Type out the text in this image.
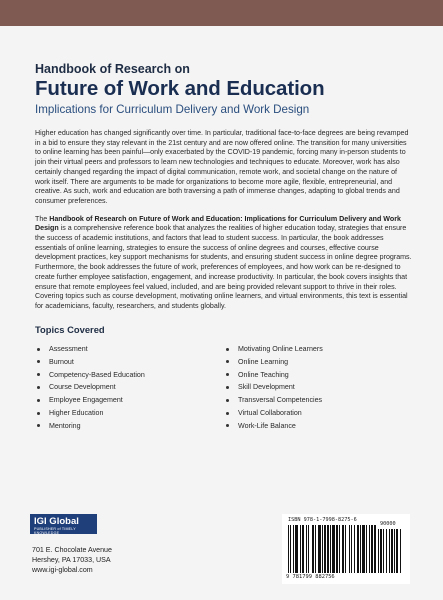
Handbook of Research on
Future of Work and Education
Implications for Curriculum Delivery and Work Design

Higher education has changed significantly over time. In particular, traditional face-to-face degrees are being revamped in a bid to ensure they stay relevant in the 21st century and are now offered online. The transition for many universities to online learning has been painful—only exacerbated by the COVID-19 pandemic, forcing many in-person students to join their virtual peers and professors to learn new technologies and techniques to educate. Moreover, work has also certainly changed regarding the impact of digital communication, remote work, and societal change on the nature of work itself. There are arguments to be made for organizations to become more agile, flexible, entrepreneurial, and creative. As such, work and education are both traversing a path of immense changes, adapting to global trends and consumer preferences.

The Handbook of Research on Future of Work and Education: Implications for Curriculum Delivery and Work Design is a comprehensive reference book that analyzes the realities of higher education today, strategies that ensure the success of academic institutions, and factors that lead to student success. In particular, the book addresses essentials of online learning, strategies to ensure the success of online degrees and courses, effective course development practices, key support mechanisms for students, and ensuring student success in online degree programs. Furthermore, the book addresses the future of work, preferences of employees, and how work can be re-designed to create further employee satisfaction, engagement, and increase productivity. In particular, the book covers insights that ensure that remote employees feel valued, included, and are being provided relevant support to thrive in their roles. Covering topics such as course development, motivating online learners, and virtual environments, this text is essential for academicians, faculty, researchers, and students globally.

Topics Covered
Assessment
Burnout
Competency-Based Education
Course Development
Employee Engagement
Higher Education
Mentoring
Motivating Online Learners
Online Learning
Online Teaching
Skill Development
Transversal Competencies
Virtual Collaboration
Work-Life Balance
IGI Global
PUBLISHER of TIMELY KNOWLEDGE
701 E. Chocolate Avenue
Hershey, PA 17033, USA
www.igi-global.com
ISBN 978-1-7998-8275-6
90000
9 781799 882756
